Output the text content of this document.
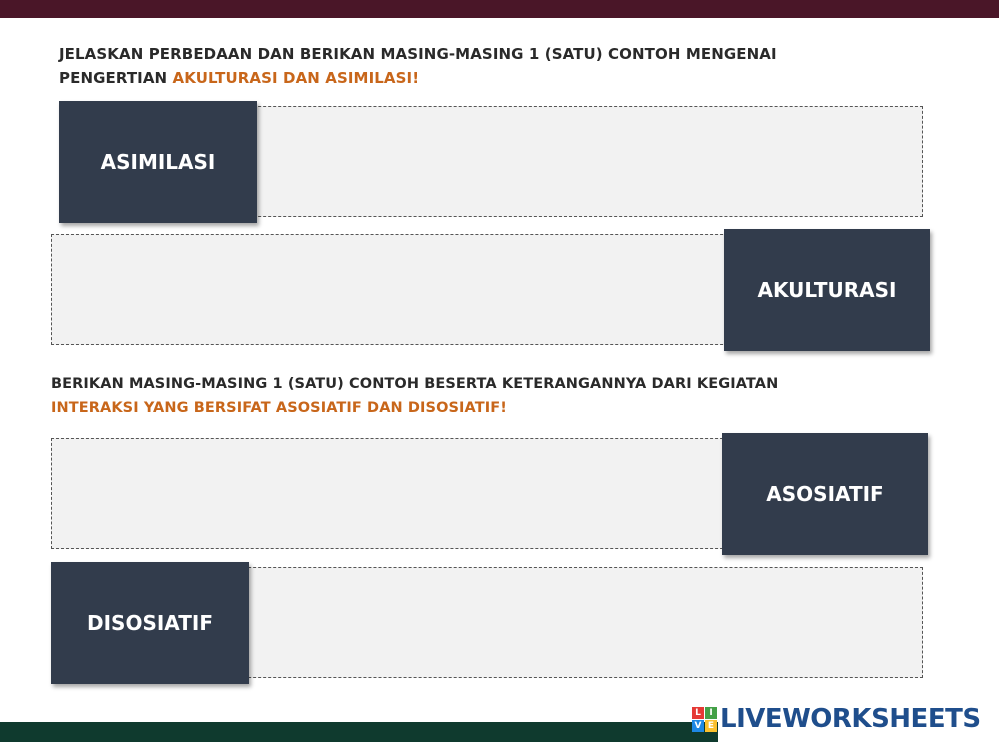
JELASKAN PERBEDAAN DAN BERIKAN MASING-MASING 1 (SATU) CONTOH MENGENAI
PENGERTIAN AKULTURASI DAN ASIMILASI!

ASIMILASI
AKULTURASI

BERIKAN MASING-MASING 1 (SATU) CONTOH BESERTA KETERANGANNYA DARI KEGIATAN
INTERAKSI YANG BERSIFAT ASOSIATIF DAN DISOSIATIF!

ASOSIATIF
DISOSIATIF
L I
V E LIVEWORKSHEETS
